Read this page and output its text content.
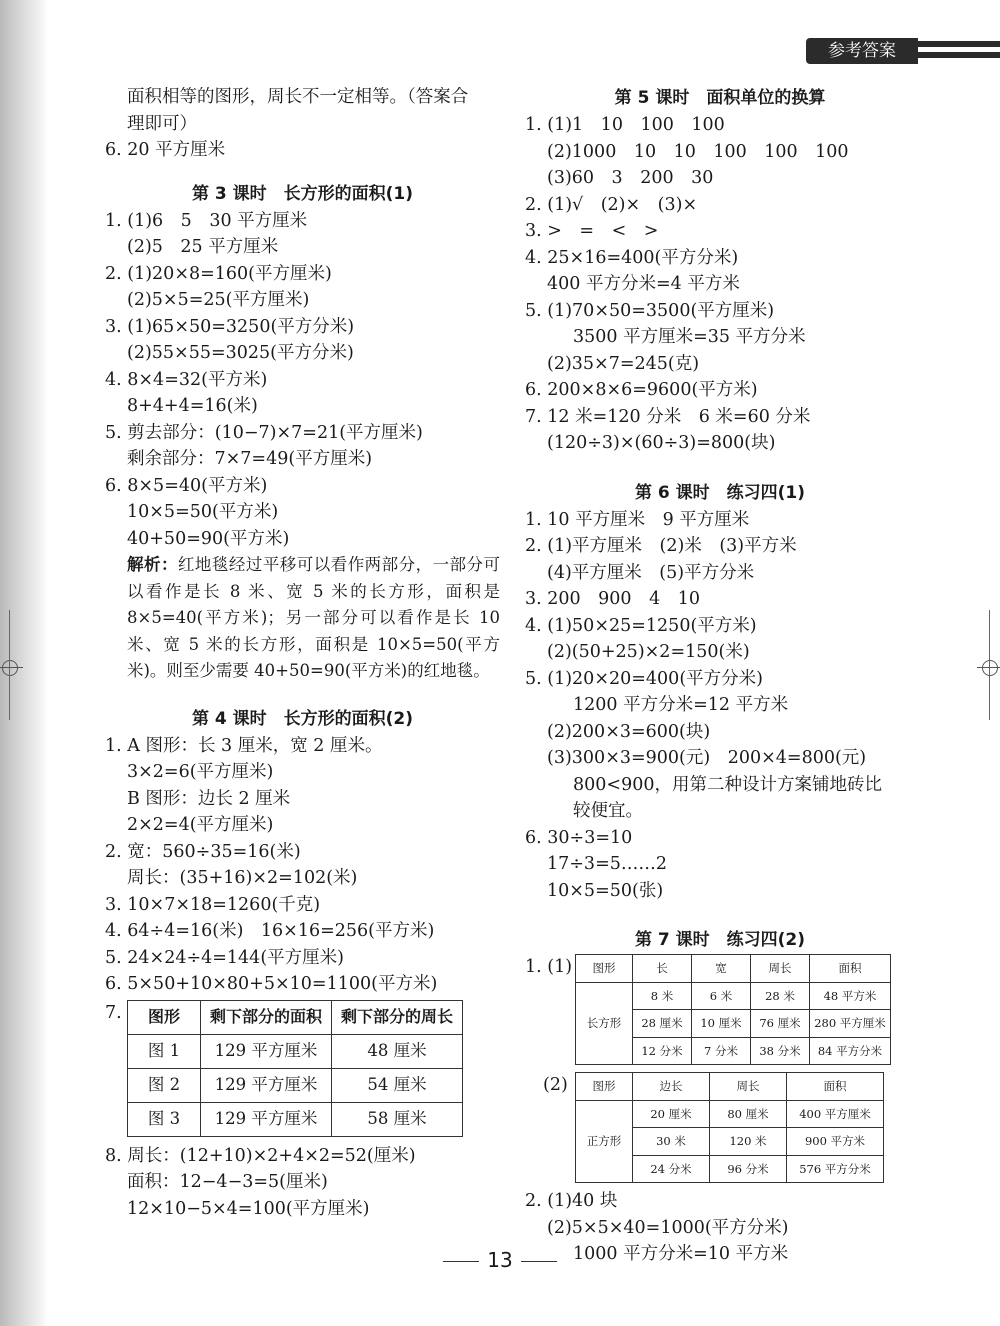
参考答案
面积相等的图形，周长不一定相等。（答案合
理即可）
6. 20 平方厘米
第 3 课时　长方形的面积(1)
1. (1)6　5　30 平方厘米
(2)5　25 平方厘米
2. (1)20×8=160(平方厘米)
(2)5×5=25(平方厘米)
3. (1)65×50=3250(平方分米)
(2)55×55=3025(平方分米)
4. 8×4=32(平方米)
8+4+4=16(米)
5. 剪去部分：(10−7)×7=21(平方厘米)
剩余部分：7×7=49(平方厘米)
6. 8×5=40(平方米)
10×5=50(平方米)
40+50=90(平方米)
解析：红地毯经过平移可以看作两部分，一部分可以看作是长 8 米、宽 5 米的长方形，面积是 8×5=40(平方米)；另一部分可以看作是长 10 米、宽 5 米的长方形，面积是 10×5=50(平方米)。则至少需要 40+50=90(平方米)的红地毯。
第 4 课时　长方形的面积(2)
1. A 图形：长 3 厘米，宽 2 厘米。
3×2=6(平方厘米)
B 图形：边长 2 厘米
2×2=4(平方厘米)
2. 宽：560÷35=16(米)
周长：(35+16)×2=102(米)
3. 10×7×18=1260(千克)
4. 64÷4=16(米)　16×16=256(平方米)
5. 24×24÷4=144(平方厘米)
6. 5×50+10×80+5×10=1100(平方米)
7. 图形	剩下部分的面积	剩下部分的周长
图 1	129 平方厘米	48 厘米
图 2	129 平方厘米	54 厘米
图 3	129 平方厘米	58 厘米
8. 周长：(12+10)×2+4×2=52(厘米)
面积：12−4−3=5(厘米)
12×10−5×4=100(平方厘米)
第 5 课时　面积单位的换算
1. (1)1　10　100　100
(2)1000　10　10　100　100　100
(3)60　3　200　30
2. (1)√　(2)×　(3)×
3. >　=　<　>
4. 25×16=400(平方分米)
400 平方分米=4 平方米
5. (1)70×50=3500(平方厘米)
3500 平方厘米=35 平方分米
(2)35×7=245(克)
6. 200×8×6=9600(平方米)
7. 12 米=120 分米　6 米=60 分米
(120÷3)×(60÷3)=800(块)
第 6 课时　练习四(1)
1. 10 平方厘米　9 平方厘米
2. (1)平方厘米　(2)米　(3)平方米
(4)平方厘米　(5)平方分米
3. 200　900　4　10
4. (1)50×25=1250(平方米)
(2)(50+25)×2=150(米)
5. (1)20×20=400(平方分米)
1200 平方分米=12 平方米
(2)200×3=600(块)
(3)300×3=900(元)　200×4=800(元)
800<900，用第二种设计方案铺地砖比
较便宜。
6. 30÷3=10
17÷3=5……2
10×5=50(张)
第 7 课时　练习四(2)
1. (1) 图形	长	宽	周长	面积
长方形	8 米	6 米	28 米	48 平方米
	28 厘米	10 厘米	76 厘米	280 平方厘米
	12 分米	7 分米	38 分米	84 平方分米
(2) 图形	边长	周长	面积
正方形	20 厘米	80 厘米	400 平方厘米
	30 米	120 米	900 平方米
	24 分米	96 分米	576 平方分米
2. (1)40 块
(2)5×5×40=1000(平方分米)
1000 平方分米=10 平方米
13
